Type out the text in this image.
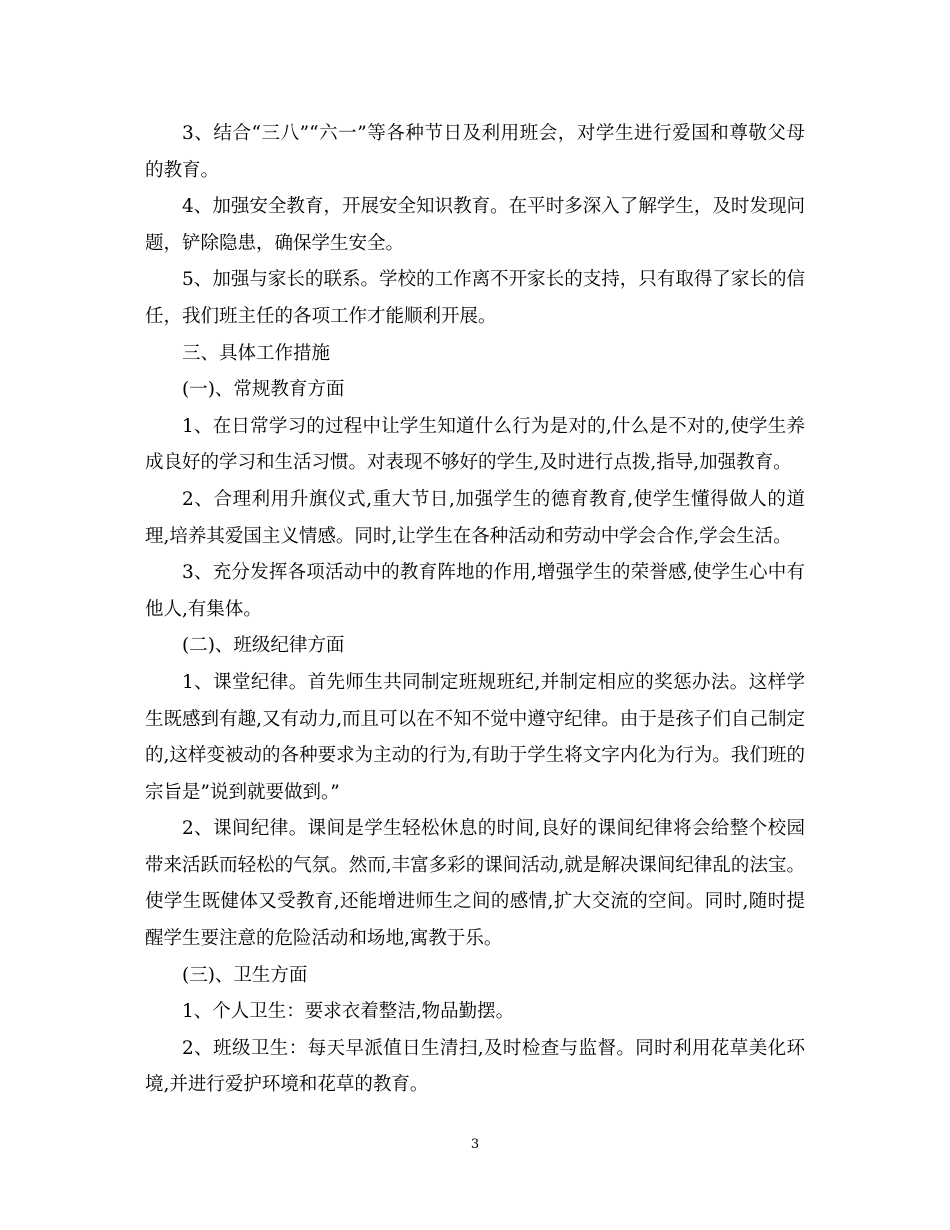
3、结合“三八”“六一”等各种节日及利用班会，对学生进行爱国和尊敬父母的教育。

4、加强安全教育，开展安全知识教育。在平时多深入了解学生，及时发现问题，铲除隐患，确保学生安全。

5、加强与家长的联系。学校的工作离不开家长的支持，只有取得了家长的信任，我们班主任的各项工作才能顺利开展。

三、具体工作措施

(一)、常规教育方面

1、在日常学习的过程中让学生知道什么行为是对的,什么是不对的,使学生养成良好的学习和生活习惯。对表现不够好的学生,及时进行点拨,指导,加强教育。

2、合理利用升旗仪式,重大节日,加强学生的德育教育,使学生懂得做人的道理,培养其爱国主义情感。同时,让学生在各种活动和劳动中学会合作,学会生活。

3、充分发挥各项活动中的教育阵地的作用,增强学生的荣誉感,使学生心中有他人,有集体。

(二)、班级纪律方面

1、课堂纪律。首先师生共同制定班规班纪,并制定相应的奖惩办法。这样学生既感到有趣,又有动力,而且可以在不知不觉中遵守纪律。由于是孩子们自己制定的,这样变被动的各种要求为主动的行为,有助于学生将文字内化为行为。我们班的宗旨是”说到就要做到。”

2、课间纪律。课间是学生轻松休息的时间,良好的课间纪律将会给整个校园带来活跃而轻松的气氛。然而,丰富多彩的课间活动,就是解决课间纪律乱的法宝。使学生既健体又受教育,还能增进师生之间的感情,扩大交流的空间。同时,随时提醒学生要注意的危险活动和场地,寓教于乐。

(三)、卫生方面

1、个人卫生：要求衣着整洁,物品勤摆。

2、班级卫生：每天早派值日生清扫,及时检查与监督。同时利用花草美化环境,并进行爱护环境和花草的教育。

3
